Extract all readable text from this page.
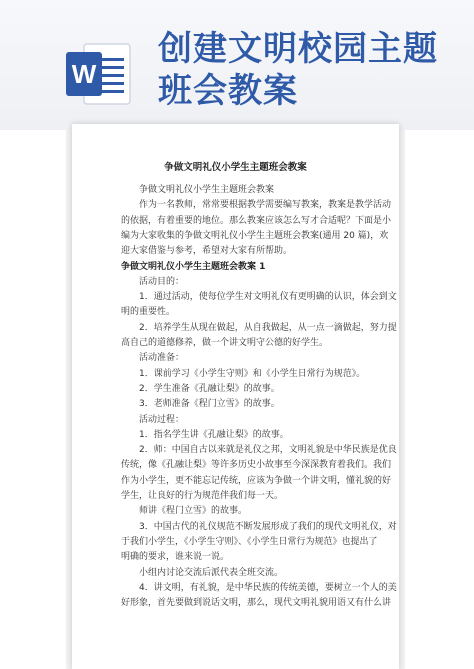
W
创建文明校园主题
班会教案
争做文明礼仪小学生主题班会教案
争做文明礼仪小学生主题班会教案
作为一名教师，常常要根据教学需要编写教案，教案是教学活动
的依据，有着重要的地位。那么教案应该怎么写才合适呢？下面是小
编为大家收集的争做文明礼仪小学生主题班会教案(通用 20 篇)，欢
迎大家借鉴与参考，希望对大家有所帮助。
争做文明礼仪小学生主题班会教案 1
活动目的：
1．通过活动，使每位学生对文明礼仪有更明确的认识，体会到文
明的重要性。
2．培养学生从现在做起，从自我做起，从一点一滴做起，努力提
高自己的道德修养，做一个讲文明守公德的好学生。
活动准备：
1．课前学习《小学生守则》和《小学生日常行为规范》。
2．学生准备《孔融让梨》的故事。
3．老师准备《程门立雪》的故事。
活动过程：
1．指名学生讲《孔融让梨》的故事。
2．师：中国自古以来就是礼仪之邦，文明礼貌是中华民族是优良
传统，像《孔融让梨》等许多历史小故事至今深深教育着我们。我们
作为小学生，更不能忘记传统，应该为争做一个讲文明，懂礼貌的好
学生，让良好的行为规范伴我们每一天。
师讲《程门立雪》的故事。
3．中国古代的礼仪规范不断发展形成了我们的现代文明礼仪，对
于我们小学生，《小学生守则》、《小学生日常行为规范》也提出了
明确的要求，谁来说一说。
小组内讨论交流后派代表全班交流。
4．讲文明，有礼貌，是中华民族的传统美德，要树立一个人的美
好形象，首先要做到说话文明，那么，现代文明礼貌用语又有什么讲
